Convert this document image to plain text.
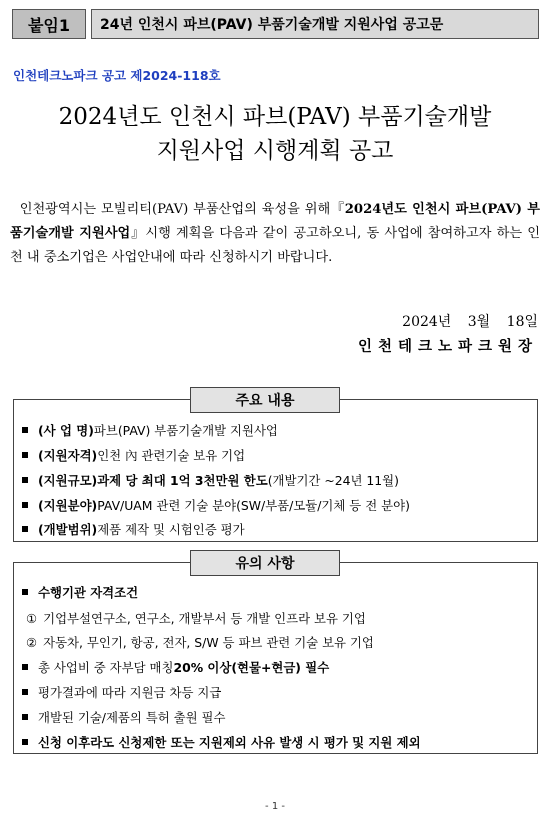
붙임1	24년 인천시 파브(PAV) 부품기술개발 지원사업 공고문
인천테크노파크 공고 제2024-118호
2024년도 인천시 파브(PAV) 부품기술개발
지원사업 시행계획 공고
인천광역시는 모빌리티(PAV) 부품산업의 육성을 위해『2024년도 인천시 파브(PAV) 부품기술개발 지원사업』시행 계획을 다음과 같이 공고하오니, 동 사업에 참여하고자 하는 인천 내 중소기업은 사업안내에 따라 신청하시기 바랍니다.
2024년 3월 18일
인천테크노파크원장
주요 내용
(사 업 명) 파브(PAV) 부품기술개발 지원사업
(지원자격) 인천 內 관련기술 보유 기업
(지원규모) 과제 당 최대 1억 3천만원 한도 (개발기간 ~24년 11월)
(지원분야) PAV/UAM 관련 기술 분야(SW/부품/모듈/기체 등 전 분야)
(개발범위) 제품 제작 및 시험인증 평가
유의 사항
수행기관 자격조건
① 기업부설연구소, 연구소, 개발부서 등 개발 인프라 보유 기업
② 자동차, 무인기, 항공, 전자, S/W 등 파브 관련 기술 보유 기업
총 사업비 중 자부담 매칭 20% 이상(현물+현금) 필수
평가결과에 따라 지원금 차등 지급
개발된 기술/제품의 특허 출원 필수
신청 이후라도 신청제한 또는 지원제외 사유 발생 시 평가 및 지원 제외
- 1 -
